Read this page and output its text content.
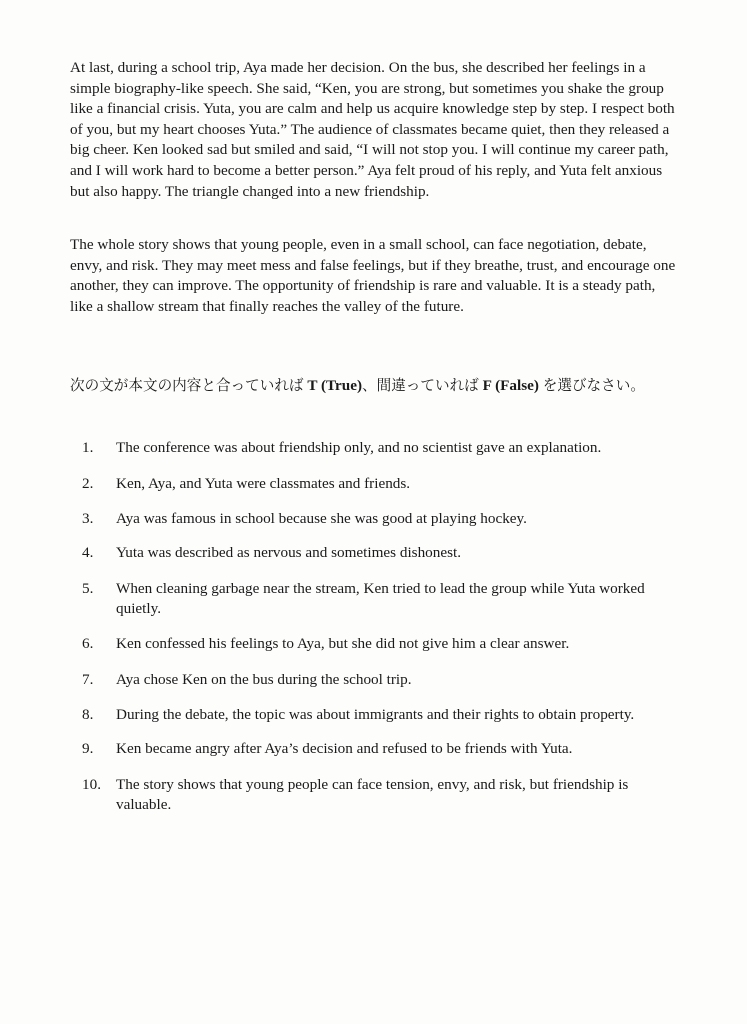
At last, during a school trip, Aya made her decision. On the bus, she described her feelings in a simple biography-like speech. She said, “Ken, you are strong, but sometimes you shake the group like a financial crisis. Yuta, you are calm and help us acquire knowledge step by step. I respect both of you, but my heart chooses Yuta.” The audience of classmates became quiet, then they released a big cheer. Ken looked sad but smiled and said, “I will not stop you. I will continue my career path, and I will work hard to become a better person.” Aya felt proud of his reply, and Yuta felt anxious but also happy. The triangle changed into a new friendship.

The whole story shows that young people, even in a small school, can face negotiation, debate, envy, and risk. They may meet mess and false feelings, but if they breathe, trust, and encourage one another, they can improve. The opportunity of friendship is rare and valuable. It is a steady path, like a shallow stream that finally reaches the valley of the future.

次の文が本文の内容と合っていれば T (True)、間違っていれば F (False) を選びなさい。

1.	The conference was about friendship only, and no scientist gave an explanation.
2.	Ken, Aya, and Yuta were classmates and friends.
3.	Aya was famous in school because she was good at playing hockey.
4.	Yuta was described as nervous and sometimes dishonest.
5.	When cleaning garbage near the stream, Ken tried to lead the group while Yuta worked quietly.
6.	Ken confessed his feelings to Aya, but she did not give him a clear answer.
7.	Aya chose Ken on the bus during the school trip.
8.	During the debate, the topic was about immigrants and their rights to obtain property.
9.	Ken became angry after Aya’s decision and refused to be friends with Yuta.
10. The story shows that young people can face tension, envy, and risk, but friendship is valuable.
